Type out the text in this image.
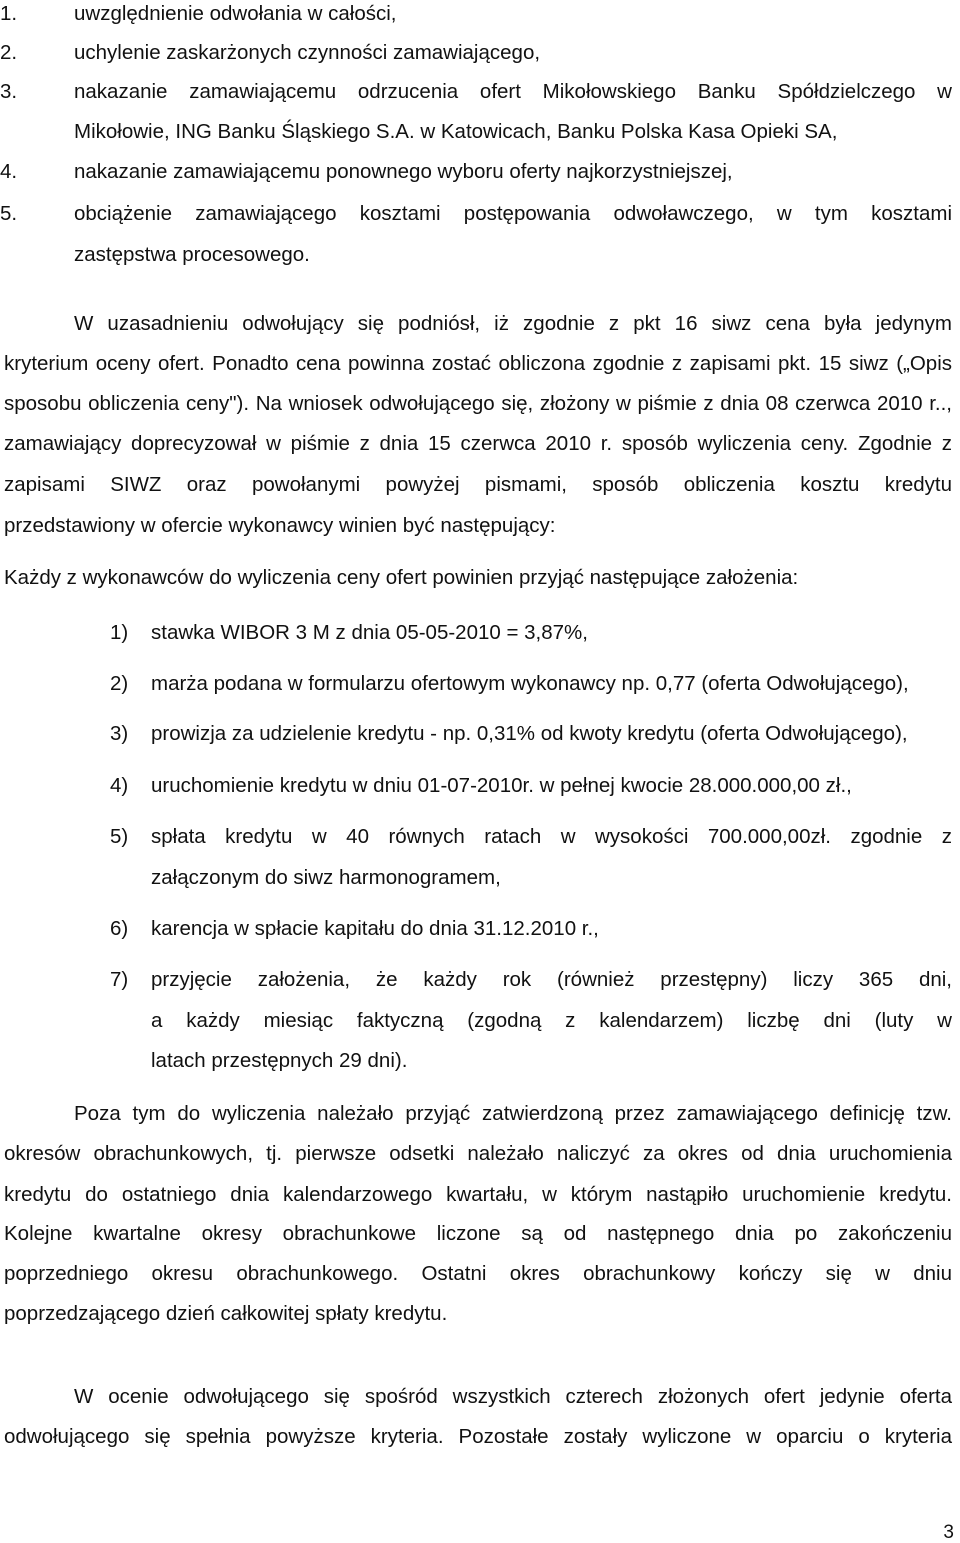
1.	uwzględnienie odwołania w całości,
2.	uchylenie zaskarżonych czynności zamawiającego,
3.	nakazanie zamawiającemu odrzucenia ofert Mikołowskiego Banku Spółdzielczego w
Mikołowie, ING Banku Śląskiego S.A. w Katowicach, Banku Polska Kasa Opieki SA,
4.	nakazanie zamawiającemu ponownego wyboru oferty najkorzystniejszej,
5.	obciążenie zamawiającego kosztami postępowania odwoławczego, w tym kosztami
zastępstwa procesowego.
W uzasadnieniu odwołujący się podniósł, iż zgodnie z pkt 16 siwz cena była jedynym
kryterium oceny ofert. Ponadto cena powinna zostać obliczona zgodnie z zapisami pkt. 15 siwz („Opis
sposobu obliczenia ceny"). Na wniosek odwołującego się, złożony w piśmie z dnia 08 czerwca 2010 r..,
zamawiający doprecyzował w piśmie z dnia 15 czerwca 2010 r. sposób wyliczenia ceny. Zgodnie z
zapisami SIWZ oraz powołanymi powyżej pismami, sposób obliczenia kosztu kredytu
przedstawiony w ofercie wykonawcy winien być następujący:
Każdy z wykonawców do wyliczenia ceny ofert powinien przyjąć następujące założenia:
1) stawka WIBOR 3 M z dnia 05-05-2010 = 3,87%,
2) marża podana w formularzu ofertowym wykonawcy np. 0,77 (oferta Odwołującego),
3) prowizja za udzielenie kredytu - np. 0,31% od kwoty kredytu (oferta Odwołującego),
4) uruchomienie kredytu w dniu 01-07-2010r. w pełnej kwocie 28.000.000,00 zł.,
5) spłata kredytu w 40 równych ratach w wysokości 700.000,00zł. zgodnie z
załączonym do siwz harmonogramem,
6) karencja w spłacie kapitału do dnia 31.12.2010 r.,
7) przyjęcie założenia, że każdy rok (również przestępny) liczy 365 dni,
a każdy miesiąc faktyczną (zgodną z kalendarzem) liczbę dni (luty w
latach przestępnych 29 dni).
Poza tym do wyliczenia należało przyjąć zatwierdzoną przez zamawiającego definicję tzw.
okresów obrachunkowych, tj. pierwsze odsetki należało naliczyć za okres od dnia uruchomienia
kredytu do ostatniego dnia kalendarzowego kwartału, w którym nastąpiło uruchomienie kredytu.
Kolejne kwartalne okresy obrachunkowe liczone są od następnego dnia po zakończeniu
poprzedniego okresu obrachunkowego. Ostatni okres obrachunkowy kończy się w dniu
poprzedzającego dzień całkowitej spłaty kredytu.
W ocenie odwołującego się spośród wszystkich czterech złożonych ofert jedynie oferta
odwołującego się spełnia powyższe kryteria. Pozostałe zostały wyliczone w oparciu o kryteria
3
